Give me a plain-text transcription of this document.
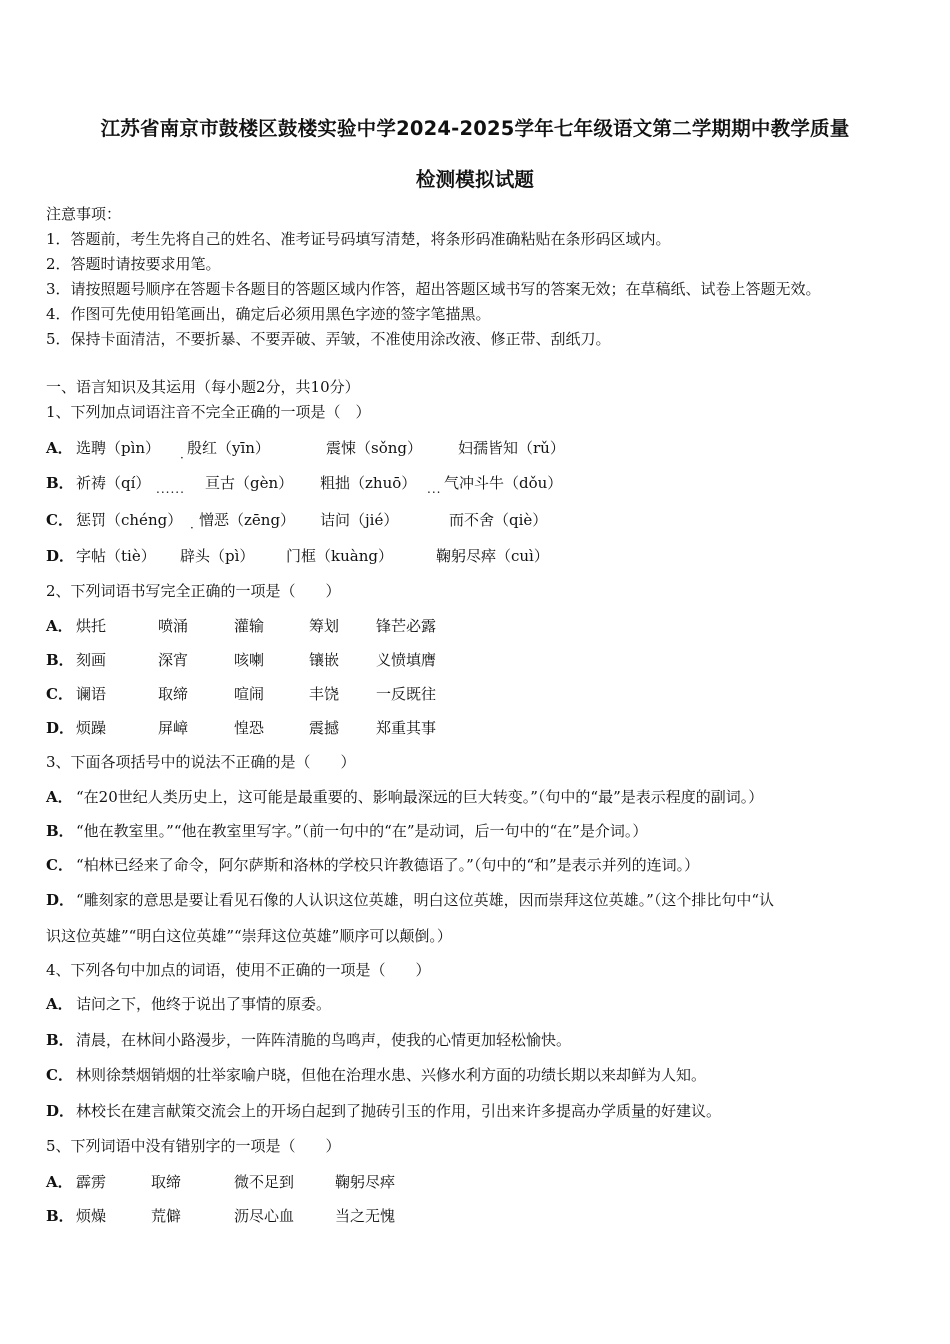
江苏省南京市鼓楼区鼓楼实验中学2024-2025学年七年级语文第二学期期中教学质量
检测模拟试题
注意事项：
1．答题前，考生先将自己的姓名、准考证号码填写清楚，将条形码准确粘贴在条形码区域内。
2．答题时请按要求用笔。
3．请按照题号顺序在答题卡各题目的答题区域内作答，超出答题区域书写的答案无效；在草稿纸、试卷上答题无效。
4．作图可先使用铅笔画出，确定后必须用黑色字迹的签字笔描黑。
5．保持卡面清洁，不要折暴、不要弄破、弄皱，不准使用涂改液、修正带、刮纸刀。
一、语言知识及其运用（每小题2分，共10分）
1、下列加点词语注音不完全正确的一项是（　）
A． 选聘（pìn） 殷红（yīn）	震悚（sǒng） 妇孺皆知（rǔ）
·
B． 祈祷（qí）	亘古（gèn） 粗拙（zhuō） 气冲斗牛（dǒu）
......	...
C． 惩罚（chéng） 憎恶（zēng） 诘问（jié）	而不舍（qiè）
·
D． 字帖（tiè） 辟头（pì） 门框（kuàng）	鞠躬尽瘁（cuì）
2、下列词语书写完全正确的一项是（　　）
A． 烘托	喷涌	灌输	筹划 锋芒必露
B． 刻画	深宵	咳喇	镶嵌 义愤填膺
C． 谰语	取缔	喧闹	丰饶 一反既往
D． 烦躁	屏嶂	惶恐	震撼 郑重其事
3、下面各项括号中的说法不正确的是（　　）
A． “在20世纪人类历史上，这可能是最重要的、影响最深远的巨大转变。”（句中的“最”是表示程度的副词。）
B． “他在教室里。”“他在教室里写字。”（前一句中的“在”是动词，后一句中的“在”是介词。）
C． “柏林已经来了命令，阿尔萨斯和洛林的学校只许教德语了。”（句中的“和”是表示并列的连词。）
D． “雕刻家的意思是要让看见石像的人认识这位英雄，明白这位英雄，因而崇拜这位英雄。”（这个排比句中“认
识这位英雄”“明白这位英雄”“崇拜这位英雄”顺序可以颠倒。）
4、下列各句中加点的词语，使用不正确的一项是（　　）
A． 诘问之下，他终于说出了事情的原委。
B． 清晨，在林间小路漫步，一阵阵清脆的鸟鸣声，使我的心情更加轻松愉快。
C． 林则徐禁烟销烟的壮举家喻户晓，但他在治理水患、兴修水利方面的功绩长期以来却鲜为人知。
D． 林校长在建言献策交流会上的开场白起到了抛砖引玉的作用，引出来许多提高办学质量的好建议。
5、下列词语中没有错别字的一项是（　　）
A． 霹雳	取缔	微不足到	鞠躬尽瘁
B． 烦燥	荒僻	沥尽心血	当之无愧
